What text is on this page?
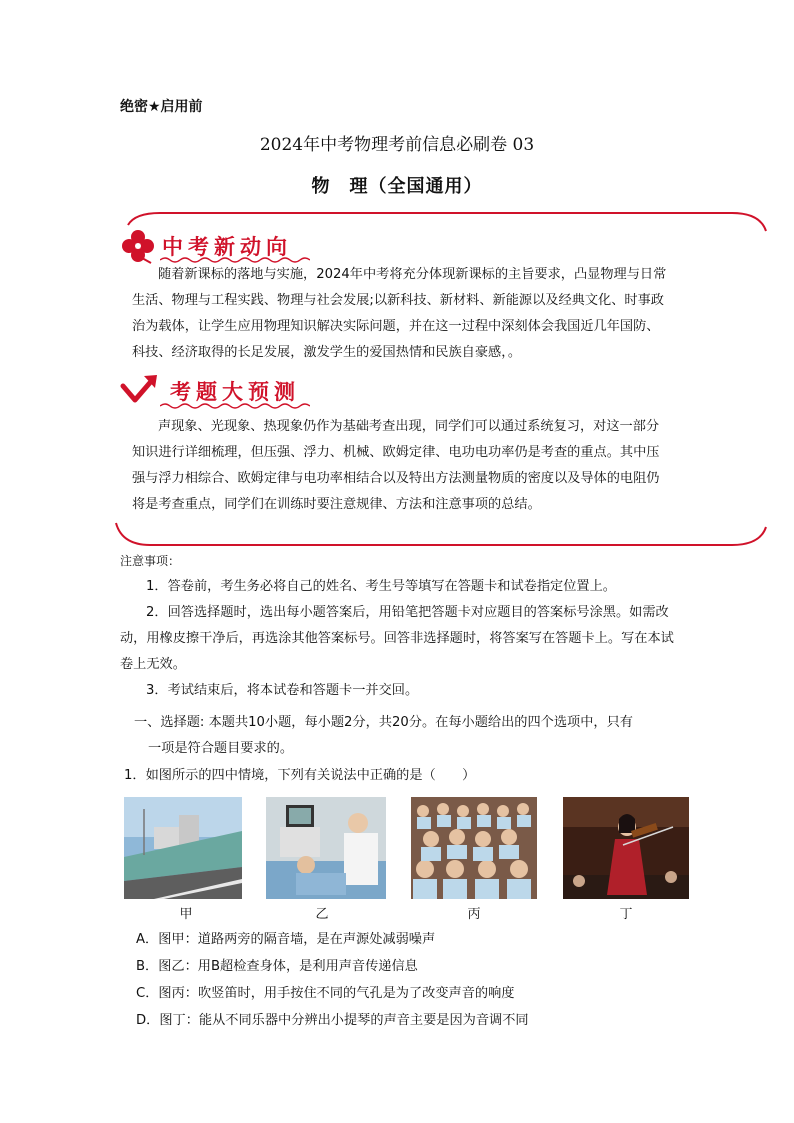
绝密★启用前
2024年中考物理考前信息必刷卷 03
物　理（全国通用）
中考新动向
随着新课标的落地与实施，2024年中考将充分体现新课标的主旨要求，凸显物理与日常生活、物理与工程实践、物理与社会发展;以新科技、新材料、新能源以及经典文化、时事政治为载体，让学生应用物理知识解决实际问题，并在这一过程中深刻体会我国近几年国防、科技、经济取得的长足发展，激发学生的爱国热情和民族自豪感，。
考题大预测
声现象、光现象、热现象仍作为基础考查出现，同学们可以通过系统复习，对这一部分知识进行详细梳理，但压强、浮力、机械、欧姆定律、电功电功率仍是考查的重点。其中压强与浮力相综合、欧姆定律与电功率相结合以及特出方法测量物质的密度以及导体的电阻仍将是考查重点，同学们在训练时要注意规律、方法和注意事项的总结。
注意事项：
1．答卷前，考生务必将自己的姓名、考生号等填写在答题卡和试卷指定位置上。
2．回答选择题时，选出每小题答案后，用铅笔把答题卡对应题目的答案标号涂黑。如需改动，用橡皮擦干净后，再选涂其他答案标号。回答非选择题时，将答案写在答题卡上。写在本试卷上无效。
3．考试结束后，将本试卷和答题卡一并交回。
一、选择题: 本题共10小题，每小题2分，共20分。在每小题给出的四个选项中，只有
一项是符合题目要求的。
1．如图所示的四中情境，下列有关说法中正确的是（　　）
甲	乙	丙	丁
A．图甲：道路两旁的隔音墙，是在声源处减弱噪声
B．图乙：用B超检查身体，是利用声音传递信息
C．图丙：吹竖笛时，用手按住不同的气孔是为了改变声音的响度
D．图丁：能从不同乐器中分辨出小提琴的声音主要是因为音调不同
